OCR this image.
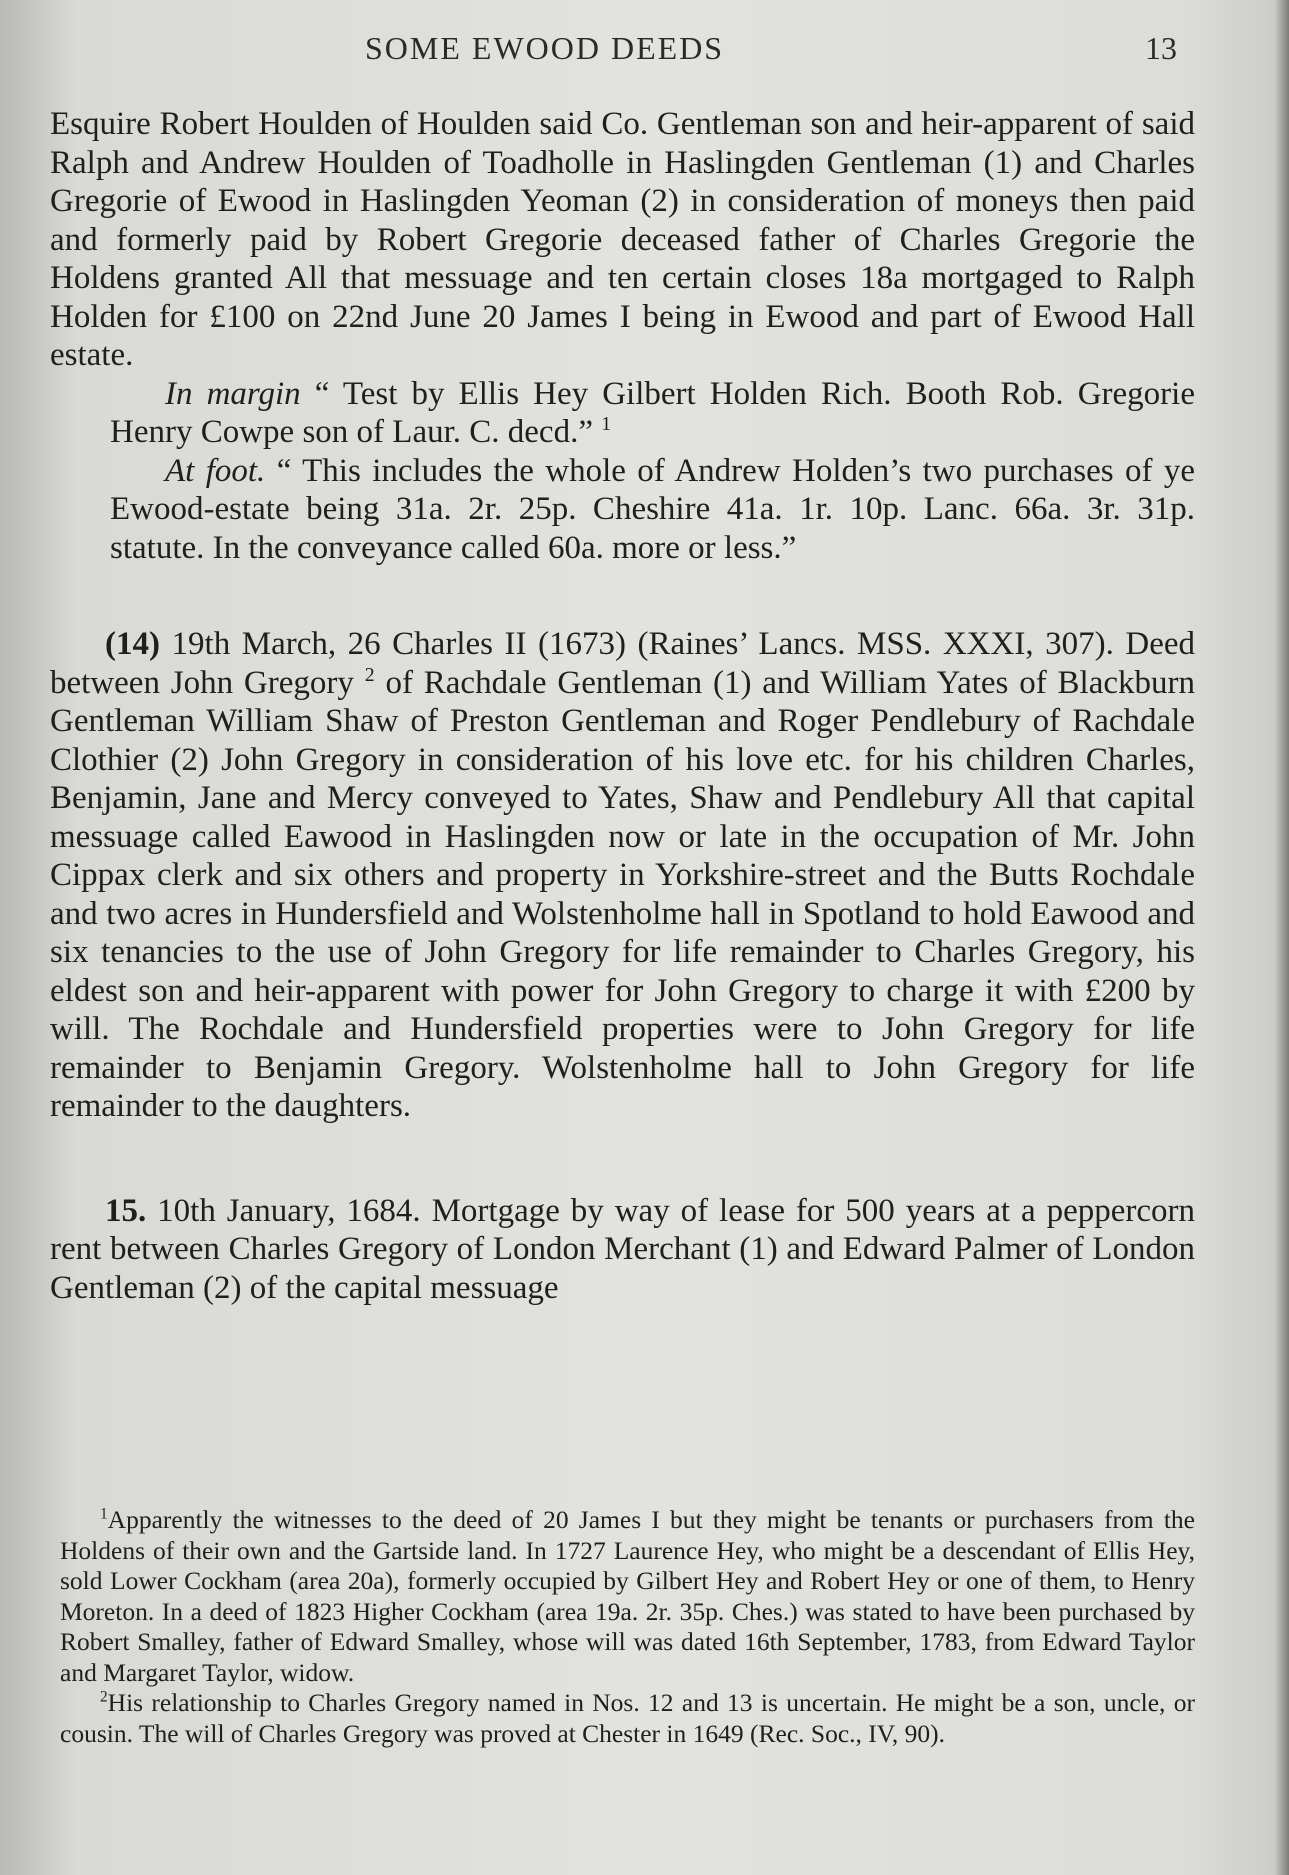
SOME EWOOD DEEDS	13

Esquire Robert Houlden of Houlden said Co. Gentleman son and heir-apparent of said Ralph and Andrew Houlden of Toadholle in Haslingden Gentleman (1) and Charles Gregorie of Ewood in Haslingden Yeoman (2) in consideration of moneys then paid and formerly paid by Robert Gregorie deceased father of Charles Gregorie the Holdens granted All that messuage and ten certain closes 18a mortgaged to Ralph Holden for £100 on 22nd June 20 James I being in Ewood and part of Ewood Hall estate.

In margin “ Test by Ellis Hey Gilbert Holden Rich. Booth Rob. Gregorie Henry Cowpe son of Laur. C. decd.” $^1$

At foot. “ This includes the whole of Andrew Holden’s two purchases of ye Ewood-estate being 31a. 2r. 25p. Cheshire 41a. 1r. 10p. Lanc. 66a. 3r. 31p. statute. In the conveyance called 60a. more or less.”

(14) 19th March, 26 Charles II (1673) (Raines’ Lancs. MSS. XXXI, 307). Deed between John Gregory $^2$ of Rachdale Gentleman (1) and William Yates of Blackburn Gentleman William Shaw of Preston Gentleman and Roger Pendlebury of Rachdale Clothier (2) John Gregory in consideration of his love etc. for his children Charles, Benjamin, Jane and Mercy conveyed to Yates, Shaw and Pendlebury All that capital messuage called Eawood in Haslingden now or late in the occupation of Mr. John Cippax clerk and six others and property in Yorkshire-street and the Butts Rochdale and two acres in Hundersfield and Wolstenholme hall in Spotland to hold Eawood and six tenancies to the use of John Gregory for life remainder to Charles Gregory, his eldest son and heir-apparent with power for John Gregory to charge it with £200 by will. The Rochdale and Hundersfield properties were to John Gregory for life remainder to Benjamin Gregory. Wolstenholme hall to John Gregory for life remainder to the daughters.

15. 10th January, 1684. Mortgage by way of lease for 500 years at a peppercorn rent between Charles Gregory of London Merchant (1) and Edward Palmer of London Gentleman (2) of the capital messuage

$^1$Apparently the witnesses to the deed of 20 James I but they might be tenants or purchasers from the Holdens of their own and the Gartside land. In 1727 Laurence Hey, who might be a descendant of Ellis Hey, sold Lower Cockham (area 20a), formerly occupied by Gilbert Hey and Robert Hey or one of them, to Henry Moreton. In a deed of 1823 Higher Cockham (area 19a. 2r. 35p. Ches.) was stated to have been purchased by Robert Smalley, father of Edward Smalley, whose will was dated 16th September, 1783, from Edward Taylor and Margaret Taylor, widow.

$^2$His relationship to Charles Gregory named in Nos. 12 and 13 is uncertain. He might be a son, uncle, or cousin. The will of Charles Gregory was proved at Chester in 1649 (Rec. Soc., IV, 90).
